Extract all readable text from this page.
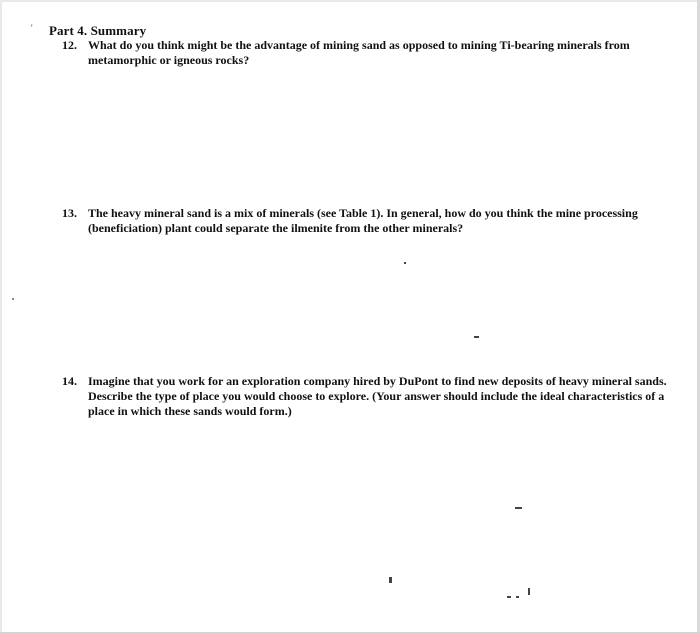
' Part 4. Summary
12. What do you think might be the advantage of mining sand as opposed to mining Ti-bearing minerals from metamorphic or igneous rocks?
13. The heavy mineral sand is a mix of minerals (see Table 1). In general, how do you think the mine processing (beneficiation) plant could separate the ilmenite from the other minerals?
14. Imagine that you work for an exploration company hired by DuPont to find new deposits of heavy mineral sands. Describe the type of place you would choose to explore. (Your answer should include the ideal characteristics of a place in which these sands would form.)
